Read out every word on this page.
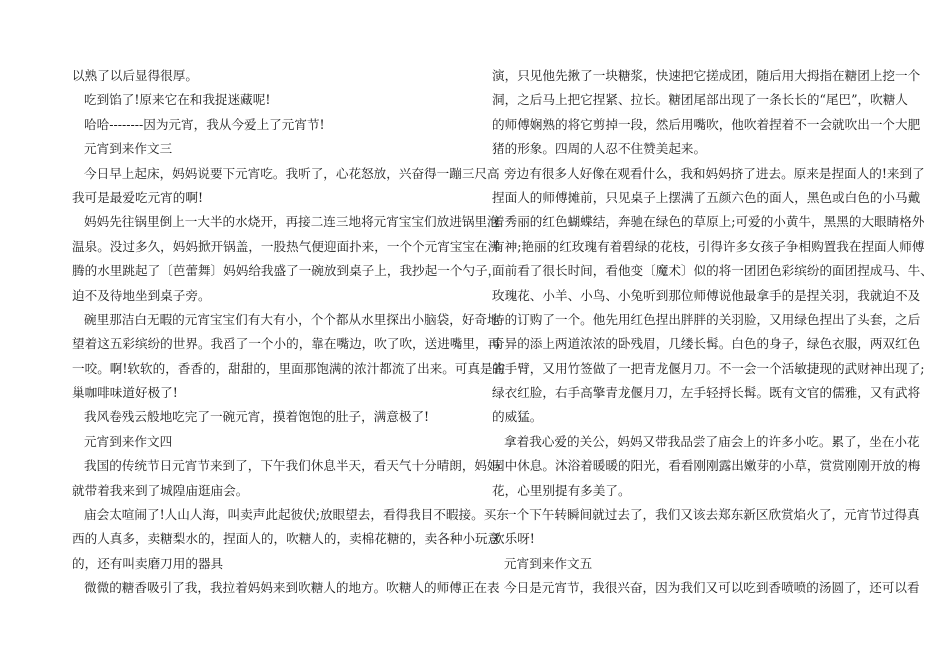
以熟了以后显得很厚。
吃到馅了!原来它在和我捉迷藏呢!
哈哈--------因为元宵，我从今爱上了元宵节!
元宵到来作文三
今日早上起床，妈妈说要下元宵吃。我听了，心花怒放，兴奋得一蹦三尺高
我可是最爱吃元宵的啊!
妈妈先往锅里倒上一大半的水烧开，再接二连三地将元宵宝宝们放进锅里泡
温泉。没过多久，妈妈掀开锅盖，一股热气便迎面扑来，一个个元宵宝宝在沸
腾的水里跳起了〔芭蕾舞〕妈妈给我盛了一碗放到桌子上，我抄起一个勺子，
迫不及待地坐到桌子旁。
碗里那洁白无暇的元宵宝宝们有大有小，个个都从水里探出小脑袋，好奇地
望着这五彩缤纷的世界。我舀了一个小的，靠在嘴边，吹了吹，送进嘴里，再
一咬。啊!软软的，香香的，甜甜的，里面那饱满的浓汁都流了出来。可真是雀
巢咖啡味道好极了!
我风卷残云般地吃完了一碗元宵，摸着饱饱的肚子，满意极了!
元宵到来作文四
我国的传统节日元宵节来到了，下午我们休息半天，看天气十分晴朗，妈妈
就带着我来到了城隍庙逛庙会。
庙会太喧闹了!人山人海，叫卖声此起彼伏;放眼望去，看得我目不暇接。买东
西的人真多，卖糖梨水的，捏面人的，吹糖人的，卖棉花糖的，卖各种小玩意
的，还有叫卖磨刀用的器具
微微的糖香吸引了我，我拉着妈妈来到吹糖人的地方。吹糖人的师傅正在表
演，只见他先揪了一块糖浆，快速把它搓成团，随后用大拇指在糖团上挖一个
洞，之后马上把它捏紧、拉长。糖团尾部出现了一条长长的“尾巴”，吹糖人
的师傅娴熟的将它剪掉一段，然后用嘴吹，他吹着捏着不一会就吹出一个大肥
猪的形象。四周的人忍不住赞美起来。
旁边有很多人好像在观看什么，我和妈妈挤了进去。原来是捏面人的!来到了
捏面人的师傅摊前，只见桌子上摆满了五颜六色的面人，黑色或白色的小马戴
着秀丽的红色蝴蝶结，奔驰在绿色的草原上;可爱的小黄牛，黑黑的大眼睛格外
有神;艳丽的红玫瑰有着碧绿的花枝，引得许多女孩子争相购置我在捏面人师傅
面前看了很长时间，看他变〔魔术〕似的将一团团色彩缤纷的面团捏成马、牛、
玫瑰花、小羊、小鸟、小兔听到那位师傅说他最拿手的是捏关羽，我就迫不及
待的订购了一个。他先用红色捏出胖胖的关羽脸，又用绿色捏出了头套，之后
奇异的添上两道浓浓的卧残眉，几缕长髯。白色的身子，绿色衣服，两双红色
的手臂，又用竹签做了一把青龙偃月刀。不一会一个活敏捷现的武财神出现了;
绿衣红脸，右手高擎青龙偃月刀，左手轻捋长髯。既有文官的儒雅，又有武将
的威猛。
拿着我心爱的关公，妈妈又带我品尝了庙会上的许多小吃。累了，坐在小花
园中休息。沐浴着暖暖的阳光，看看刚刚露出嫩芽的小草，赏赏刚刚开放的梅
花，心里别提有多美了。
一个下午转瞬间就过去了，我们又该去郑东新区欣赏焰火了，元宵节过得真
欢乐呀!
元宵到来作文五
今日是元宵节，我很兴奋，因为我们又可以吃到香喷喷的汤圆了，还可以看
